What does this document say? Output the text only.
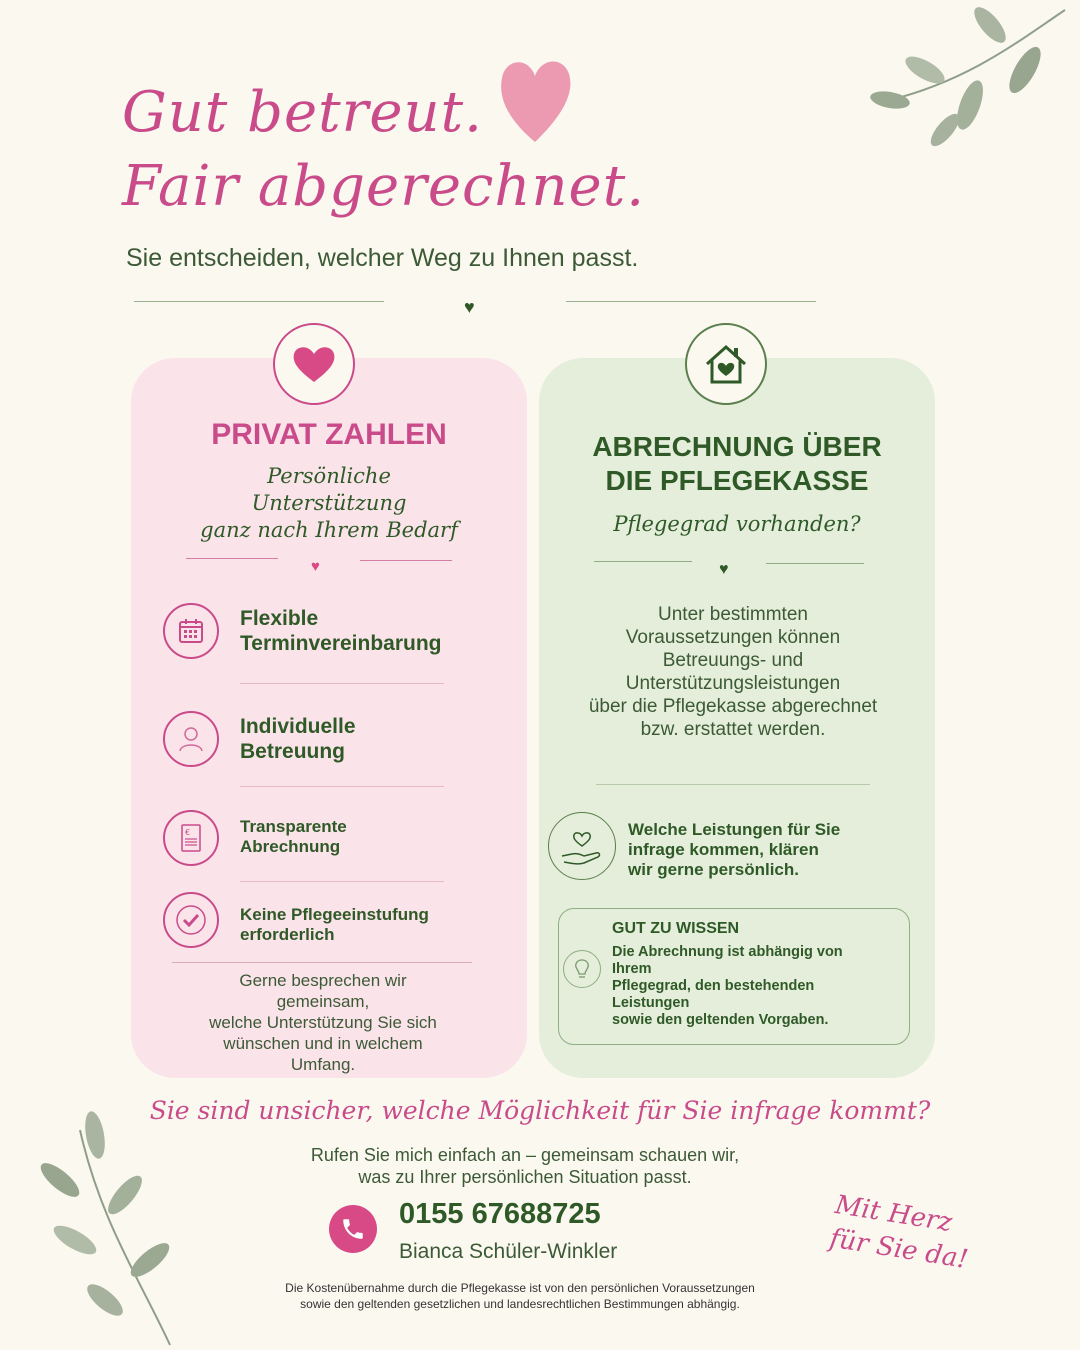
Gut betreut.
Fair abgerechnet.
Sie entscheiden, welcher Weg zu Ihnen passt.
♥
PRIVAT ZAHLEN
Persönliche
Unterstützung
ganz nach Ihrem Bedarf
♥
Flexible
Terminvereinbarung
Individuelle
Betreuung
€	Transparente
Abrechnung
Keine Pflegeeinstufung
erforderlich
Gerne besprechen wir
gemeinsam,
welche Unterstützung Sie sich
wünschen und in welchem
Umfang.
ABRECHNUNG ÜBER
DIE PFLEGEKASSE
Pflegegrad vorhanden?
♥
Unter bestimmten
Voraussetzungen können
Betreuungs- und
Unterstützungsleistungen
über die Pflegekasse abgerechnet
bzw. erstattet werden.
Welche Leistungen für Sie
infrage kommen, klären
wir gerne persönlich.
GUT ZU WISSEN
Die Abrechnung ist abhängig von
Ihrem
Pflegegrad, den bestehenden
Leistungen
sowie den geltenden Vorgaben.
Sie sind unsicher, welche Möglichkeit für Sie infrage kommt?
Rufen Sie mich einfach an – gemeinsam schauen wir,
was zu Ihrer persönlichen Situation passt.
0155 67688725
Bianca Schüler-Winkler
Mit Herz
für Sie da!
Die Kostenübernahme durch die Pflegekasse ist von den persönlichen Voraussetzungen
sowie den geltenden gesetzlichen und landesrechtlichen Bestimmungen abhängig.
